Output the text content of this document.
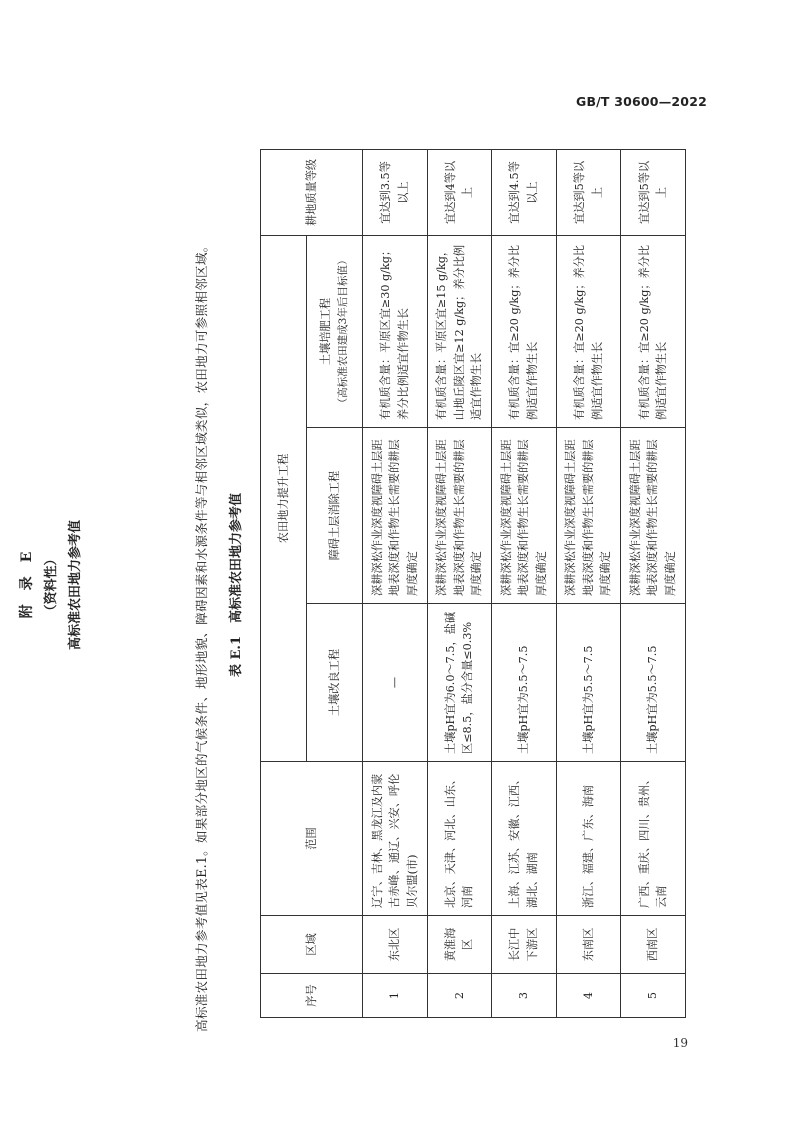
GB/T 30600—2022
高标准农田地力参考值见表E.1。如果部分地区的气候条件、地形地貌、障碍因素和水源条件等与相邻区域类似，农田地力可参照相邻区域。
附　录　E （资料性） 高标准农田地力参考值	表 E.1　高标准农田地力参考值
序号	区域	范围	农田地力提升工程			耕地质量等级
			土壤改良工程	障碍土层消除工程	土壤培肥工程 （高标准农田建成3年后目标值）	

1	东北区	辽宁、吉林、黑龙江及内蒙古赤峰、通辽、兴安、呼伦贝尔盟(市)	—	深耕深松作业深度视障碍土层距地表深度和作物生长需要的耕层厚度确定	有机质含量：平原区宜≥30 g/kg；养分比例适宜作物生长	宜达到3.5等以上
2	黄淮海区	北京、天津、河北、山东、河南	土壤pH宜为6.0～7.5，盐碱区≤8.5，盐分含量≤0.3%	深耕深松作业深度视障碍土层距地表深度和作物生长需要的耕层厚度确定	有机质含量：平原区宜≥15 g/kg，山地丘陵区宜≥12 g/kg；养分比例适宜作物生长	宜达到4等以上
3	长江中下游区	上海、江苏、安徽、江西、湖北、湖南	土壤pH宜为5.5～7.5	深耕深松作业深度视障碍土层距地表深度和作物生长需要的耕层厚度确定	有机质含量：宜≥20 g/kg；养分比例适宜作物生长	宜达到4.5等以上
4	东南区	浙江、福建、广东、海南	土壤pH宜为5.5～7.5	深耕深松作业深度视障碍土层距地表深度和作物生长需要的耕层厚度确定	有机质含量：宜≥20 g/kg；养分比例适宜作物生长	宜达到5等以上
5	西南区	广西、重庆、四川、贵州、云南	土壤pH宜为5.5～7.5	深耕深松作业深度视障碍土层距地表深度和作物生长需要的耕层厚度确定	有机质含量：宜≥20 g/kg；养分比例适宜作物生长	宜达到5等以上
19
